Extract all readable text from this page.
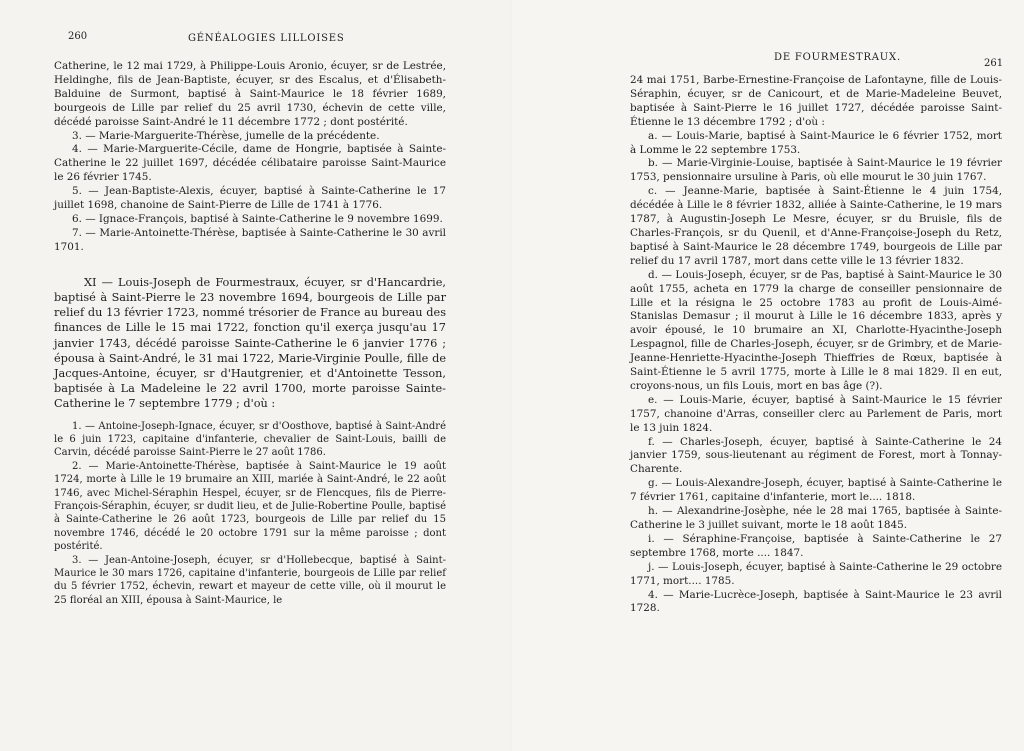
260	GÉNÉALOGIES LILLOISES

Catherine, le 12 mai 1729, à Philippe-Louis Aronio, écuyer, sr de Lestrée, Heldinghe, fils de Jean-Baptiste, écuyer, sr des Escalus, et d'Élisabeth-Balduine de Surmont, baptisé à Saint-Maurice le 18 février 1689, bourgeois de Lille par relief du 25 avril 1730, échevin de cette ville, décédé paroisse Saint-André le 11 décembre 1772 ; dont postérité.

3. — Marie-Marguerite-Thérèse, jumelle de la précédente.

4. — Marie-Marguerite-Cécile, dame de Hongrie, baptisée à Sainte-Catherine le 22 juillet 1697, décédée célibataire paroisse Saint-Maurice le 26 février 1745.

5. — Jean-Baptiste-Alexis, écuyer, baptisé à Sainte-Catherine le 17 juillet 1698, chanoine de Saint-Pierre de Lille de 1741 à 1776.

6. — Ignace-François, baptisé à Sainte-Catherine le 9 novembre 1699.

7. — Marie-Antoinette-Thérèse, baptisée à Sainte-Catherine le 30 avril 1701.

XI — Louis-Joseph de Fourmestraux, écuyer, sr d'Hancardrie, baptisé à Saint-Pierre le 23 novembre 1694, bourgeois de Lille par relief du 13 février 1723, nommé trésorier de France au bureau des finances de Lille le 15 mai 1722, fonction qu'il exerça jusqu'au 17 janvier 1743, décédé paroisse Sainte-Catherine le 6 janvier 1776 ; épousa à Saint-André, le 31 mai 1722, Marie-Virginie Poulle, fille de Jacques-Antoine, écuyer, sr d'Hautgrenier, et d'Antoinette Tesson, baptisée à La Madeleine le 22 avril 1700, morte paroisse Sainte-Catherine le 7 septembre 1779 ; d'où :

1. — Antoine-Joseph-Ignace, écuyer, sr d'Oosthove, baptisé à Saint-André le 6 juin 1723, capitaine d'infanterie, chevalier de Saint-Louis, bailli de Carvin, décédé paroisse Saint-Pierre le 27 août 1786.

2. — Marie-Antoinette-Thérèse, baptisée à Saint-Maurice le 19 août 1724, morte à Lille le 19 brumaire an XIII, mariée à Saint-André, le 22 août 1746, avec Michel-Séraphin Hespel, écuyer, sr de Flencques, fils de Pierre-François-Séraphin, écuyer, sr dudit lieu, et de Julie-Robertine Poulle, baptisé à Sainte-Catherine le 26 août 1723, bourgeois de Lille par relief du 15 novembre 1746, décédé le 20 octobre 1791 sur la même paroisse ; dont postérité.

3. — Jean-Antoine-Joseph, écuyer, sr d'Hollebecque, baptisé à Saint-Maurice le 30 mars 1726, capitaine d'infanterie, bourgeois de Lille par relief du 5 février 1752, échevin, rewart et mayeur de cette ville, où il mourut le 25 floréal an XIII, épousa à Saint-Maurice, le

DE FOURMESTRAUX.
261

24 mai 1751, Barbe-Ernestine-Françoise de Lafontayne, fille de Louis-Séraphin, écuyer, sr de Canicourt, et de Marie-Madeleine Beuvet, baptisée à Saint-Pierre le 16 juillet 1727, décédée paroisse Saint-Étienne le 13 décembre 1792 ; d'où :

a. — Louis-Marie, baptisé à Saint-Maurice le 6 février 1752, mort à Lomme le 22 septembre 1753.

b. — Marie-Virginie-Louise, baptisée à Saint-Maurice le 19 février 1753, pensionnaire ursuline à Paris, où elle mourut le 30 juin 1767.

c. — Jeanne-Marie, baptisée à Saint-Étienne le 4 juin 1754, décédée à Lille le 8 février 1832, alliée à Sainte-Catherine, le 19 mars 1787, à Augustin-Joseph Le Mesre, écuyer, sr du Bruisle, fils de Charles-François, sr du Quenil, et d'Anne-Françoise-Joseph du Retz, baptisé à Saint-Maurice le 28 décembre 1749, bourgeois de Lille par relief du 17 avril 1787, mort dans cette ville le 13 février 1832.

d. — Louis-Joseph, écuyer, sr de Pas, baptisé à Saint-Maurice le 30 août 1755, acheta en 1779 la charge de conseiller pensionnaire de Lille et la résigna le 25 octobre 1783 au profit de Louis-Aimé-Stanislas Demasur ; il mourut à Lille le 16 décembre 1833, après y avoir épousé, le 10 brumaire an XI, Charlotte-Hyacinthe-Joseph Lespagnol, fille de Charles-Joseph, écuyer, sr de Grimbry, et de Marie-Jeanne-Henriette-Hyacinthe-Joseph Thieffries de Rœux, baptisée à Saint-Étienne le 5 avril 1775, morte à Lille le 8 mai 1829. Il en eut, croyons-nous, un fils Louis, mort en bas âge (?).

e. — Louis-Marie, écuyer, baptisé à Saint-Maurice le 15 février 1757, chanoine d'Arras, conseiller clerc au Parlement de Paris, mort le 13 juin 1824.

f. — Charles-Joseph, écuyer, baptisé à Sainte-Catherine le 24 janvier 1759, sous-lieutenant au régiment de Forest, mort à Tonnay-Charente.

g. — Louis-Alexandre-Joseph, écuyer, baptisé à Sainte-Catherine le 7 février 1761, capitaine d'infanterie, mort le.... 1818.

h. — Alexandrine-Josèphe, née le 28 mai 1765, baptisée à Sainte-Catherine le 3 juillet suivant, morte le 18 août 1845.

i. — Séraphine-Françoise, baptisée à Sainte-Catherine le 27 septembre 1768, morte .... 1847.

j. — Louis-Joseph, écuyer, baptisé à Sainte-Catherine le 29 octobre 1771, mort.... 1785.

4. — Marie-Lucrèce-Joseph, baptisée à Saint-Maurice le 23 avril 1728.
